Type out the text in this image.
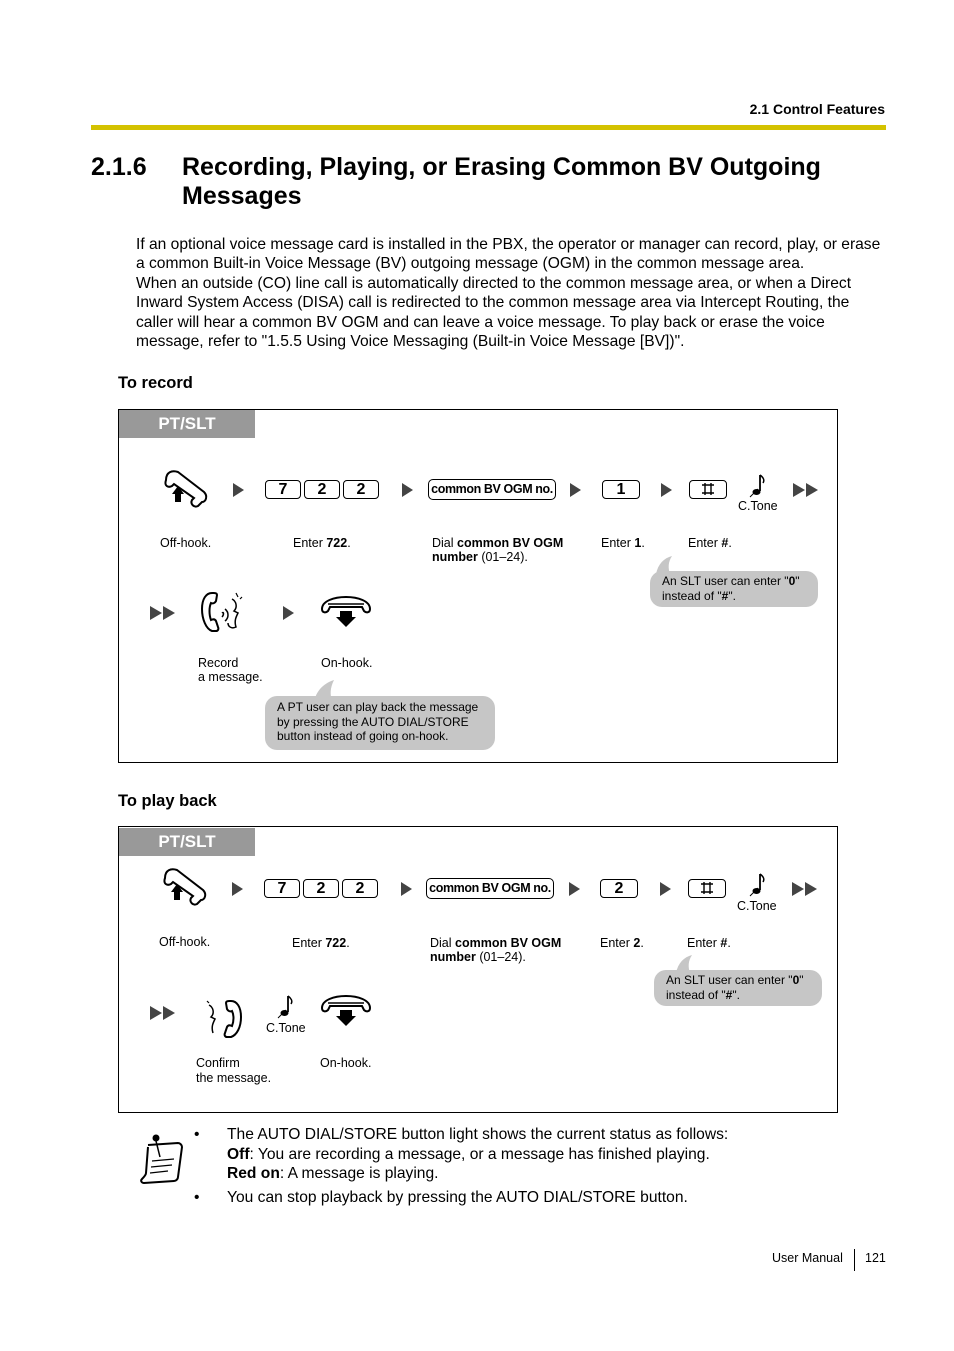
2.1 Control Features
2.1.6 Recording, Playing, or Erasing Common BV Outgoing
Messages

If an optional voice message card is installed in the PBX, the operator or manager can record, play, or erase

a common Built-in Voice Message (BV) outgoing message (OGM) in the common message area.

When an outside (CO) line call is automatically directed to the common message area, or when a Direct

Inward System Access (DISA) call is redirected to the common message area via Intercept Routing, the

caller will hear a common BV OGM and can leave a voice message. To play back or erase the voice

message, refer to "1.5.5 Using Voice Messaging (Built-in Voice Message [BV])".

To record
PT/SLT
7	2	2	common BV OGM no.	1
C.Tone
Off-hook.	Enter 722.	Dial common BV OGM
number (01–24).
Enter 1.	Enter #.
An SLT user can enter "0"
instead of "#".
Record
a message.
On-hook.
A PT user can play back the message
by pressing the AUTO DIAL/STORE
button instead of going on-hook.
To play back
PT/SLT
7	2	2	common BV OGM no.	2
C.Tone
Off-hook.	Enter 722.	Dial common BV OGM
number (01–24).
Enter 2.	Enter #.
An SLT user can enter "0"
instead of "#".
C.Tone
Confirm
the message.
On-hook.
• The AUTO DIAL/STORE button light shows the current status as follows:
Off: You are recording a message, or a message has finished playing.
Red on: A message is playing.
• You can stop playback by pressing the AUTO DIAL/STORE button.
User Manual 121
